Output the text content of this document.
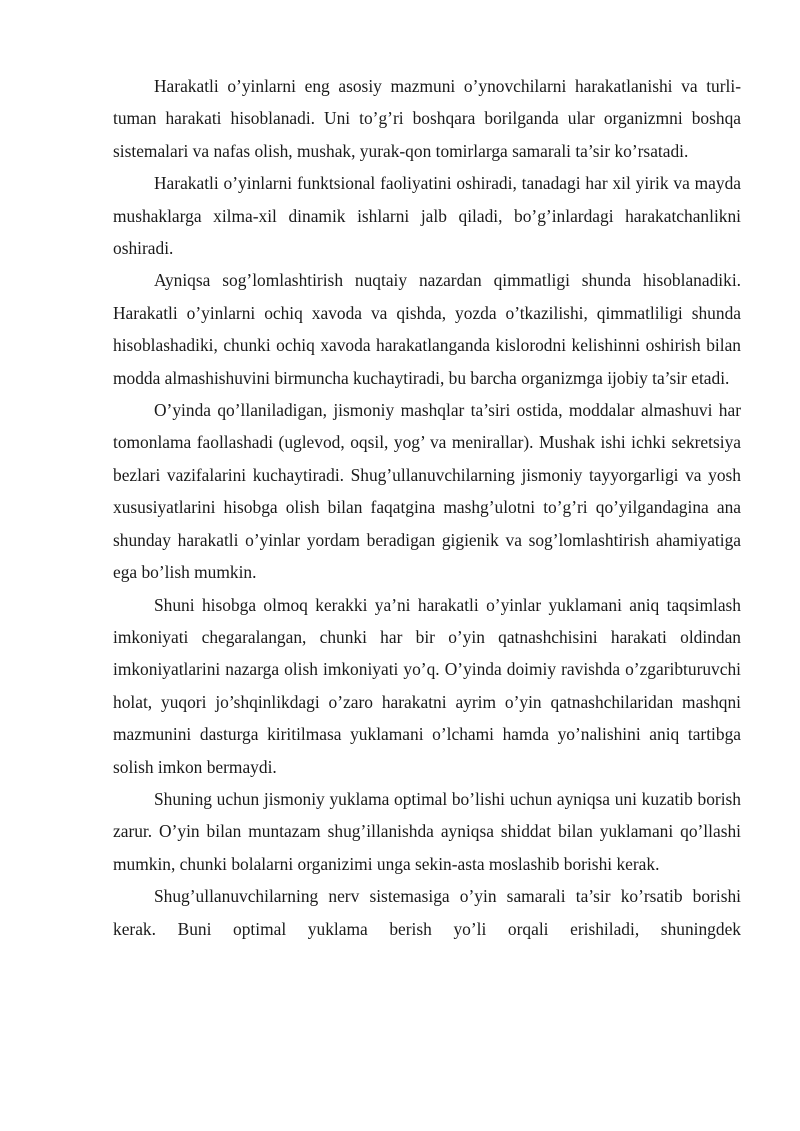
Harakatli o’yinlarni eng asosiy mazmuni o’ynovchilarni harakatlanishi va turli-tuman harakati hisoblanadi. Uni to’g’ri boshqara borilganda ular organizmni boshqa sistemalari va nafas olish, mushak, yurak-qon tomirlarga samarali ta’sir ko’rsatadi.

Harakatli o’yinlarni funktsional faoliyatini oshiradi, tanadagi har xil yirik va mayda mushaklarga xilma-xil dinamik ishlarni jalb qiladi, bo’g’inlardagi harakatchanlikni oshiradi.

Ayniqsa sog’lomlashtirish nuqtaiy nazardan qimmatligi shunda hisoblanadiki. Harakatli o’yinlarni ochiq xavoda va qishda, yozda o’tkazilishi, qimmatliligi shunda hisoblashadiki, chunki ochiq xavoda harakatlanganda kislorodni kelishinni oshirish bilan modda almashishuvini birmuncha kuchaytiradi, bu barcha organizmga ijobiy ta’sir etadi.

O’yinda qo’llaniladigan, jismoniy mashqlar ta’siri ostida, moddalar almashuvi har tomonlama faollashadi (uglevod, oqsil, yog’ va menirallar). Mushak ishi ichki sekretsiya bezlari vazifalarini kuchaytiradi. Shug’ullanuvchilarning jismoniy tayyorgarligi va yosh xususiyatlarini hisobga olish bilan faqatgina mashg’ulotni to’g’ri qo’yilgandagina ana shunday harakatli o’yinlar yordam beradigan gigienik va sog’lomlashtirish ahamiyatiga ega bo’lish mumkin.

Shuni hisobga olmoq kerakki ya’ni harakatli o’yinlar yuklamani aniq taqsimlash imkoniyati chegaralangan, chunki har bir o’yin qatnashchisini harakati oldindan imkoniyatlarini nazarga olish imkoniyati yo’q. O’yinda doimiy ravishda o’zgaribturuvchi holat, yuqori jo’shqinlikdagi o’zaro harakatni ayrim o’yin qatnashchilaridan mashqni mazmunini dasturga kiritilmasa yuklamani o’lchami hamda yo’nalishini aniq tartibga solish imkon bermaydi.

Shuning uchun jismoniy yuklama optimal bo’lishi uchun ayniqsa uni kuzatib borish zarur. O’yin bilan muntazam shug’illanishda ayniqsa shiddat bilan yuklamani qo’llashi mumkin, chunki bolalarni organizimi unga sekin-asta moslashib borishi kerak.

Shug’ullanuvchilarning nerv sistemasiga o’yin samarali ta’sir ko’rsatib borishi kerak. Buni optimal yuklama berish yo’li orqali erishiladi, shuningdek
